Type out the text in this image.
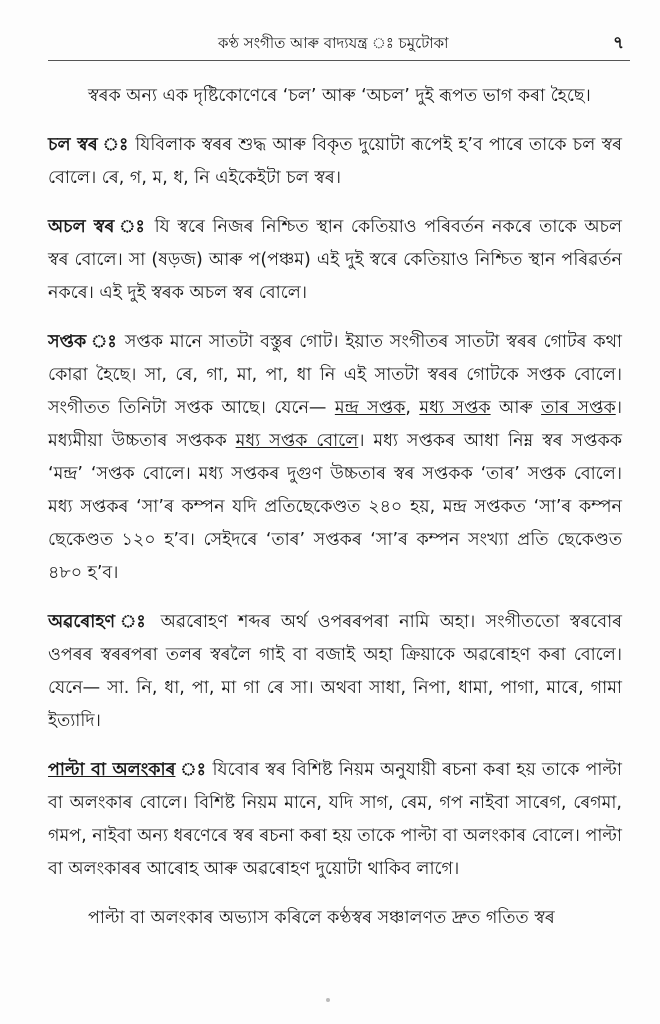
কণ্ঠ সংগীত আৰু বাদ্যযন্ত্ৰ ঃ চমুটোকা	৭

স্বৰক অন্য এক দৃষ্টিকোণেৰে ‘চল’ আৰু ‘অচল’ দুই ৰূপত ভাগ কৰা হৈছে।

চল স্বৰ ঃ যিবিলাক স্বৰৰ শুদ্ধ আৰু বিকৃত দুয়োটা ৰূপেই হ’ব পাৰে তাকে চল স্বৰ বোলে। ৰে, গ, ম, ধ, নি এইকেইটা চল স্বৰ।

অচল স্বৰ ঃ যি স্বৰে নিজৰ নিশ্চিত স্থান কেতিয়াও পৰিবৰ্তন নকৰে তাকে অচল স্বৰ বোলে। সা (ষড়জ) আৰু প(পঞ্চম) এই দুই স্বৰে কেতিয়াও নিশ্চিত স্থান পৰিৱৰ্তন নকৰে। এই দুই স্বৰক অচল স্বৰ বোলে।

সপ্তক ঃ সপ্তক মানে সাতটা বস্তুৰ গোট। ইয়াত সংগীতৰ সাতটা স্বৰৰ গোটৰ কথা কোৱা হৈছে। সা, ৰে, গা, মা, পা, ধা নি এই সাতটা স্বৰৰ গোটকে সপ্তক বোলে। সংগীতত তিনিটা সপ্তক আছে। যেনে— মন্দ্ৰ সপ্তক, মধ্য সপ্তক আৰু তাৰ সপ্তক। মধ্যমীয়া উচ্চতাৰ সপ্তকক মধ্য সপ্তক বোলে। মধ্য সপ্তকৰ আধা নিম্ন স্বৰ সপ্তকক ‘মন্দ্ৰ’ ‘সপ্তক বোলে। মধ্য সপ্তকৰ দুগুণ উচ্চতাৰ স্বৰ সপ্তকক ‘তাৰ’ সপ্তক বোলে। মধ্য সপ্তকৰ ‘সা’ৰ কম্পন যদি প্ৰতিছেকেণ্ডত ২৪০ হয়, মন্দ্ৰ সপ্তকত ‘সা’ৰ কম্পন ছেকেণ্ডত ১২০ হ’ব। সেইদৰে ‘তাৰ’ সপ্তকৰ ‘সা’ৰ কম্পন সংখ্যা প্ৰতি ছেকেণ্ডত ৪৮০ হ’ব।

অৱৰোহণ ঃ অৱৰোহণ শব্দৰ অৰ্থ ওপৰৰপৰা নামি অহা। সংগীততো স্বৰবোৰ ওপৰৰ স্বৰৰপৰা তলৰ স্বৰলৈ গাই বা বজাই অহা ক্ৰিয়াকে অৱৰোহণ কৰা বোলে। যেনে— সা. নি, ধা, পা, মা গা ৰে সা। অথবা সাধা, নিপা, ধামা, পাগা, মাৰে, গামা ইত্যাদি।

পাল্টা বা অলংকাৰ ঃ যিবোৰ স্বৰ বিশিষ্ট নিয়ম অনুযায়ী ৰচনা কৰা হয় তাকে পাল্টা বা অলংকাৰ বোলে। বিশিষ্ট নিয়ম মানে, যদি সাগ, ৰেম, গপ নাইবা সাৰেগ, ৰেগমা, গমপ, নাইবা অন্য ধৰণেৰে স্বৰ ৰচনা কৰা হয় তাকে পাল্টা বা অলংকাৰ বোলে। পাল্টা বা অলংকাৰৰ আৰোহ আৰু অৱৰোহণ দুয়োটা থাকিব লাগে।

পাল্টা বা অলংকাৰ অভ্যাস কৰিলে কণ্ঠস্বৰ সঞ্চালণত দ্ৰুত গতিত স্বৰ
